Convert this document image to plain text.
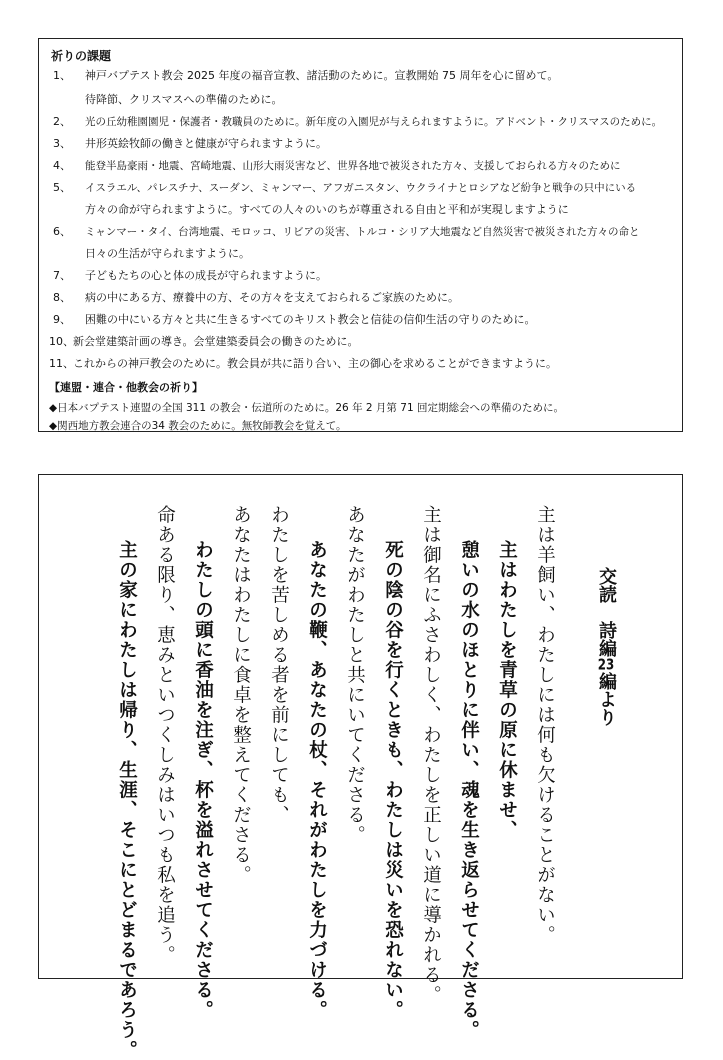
祈りの課題
1、 神戸バプテスト教会 2025 年度の福音宣教、諸活動のために。宣教開始 75 周年を心に留めて。
待降節、クリスマスへの準備のために。
2、 光の丘幼稚園園児・保護者・教職員のために。新年度の入園児が与えられますように。アドベント・クリスマスのために。
3、 井形英絵牧師の働きと健康が守られますように。
4、 能登半島豪雨・地震、宮崎地震、山形大雨災害など、世界各地で被災された方々、支援しておられる方々のために
5、 イスラエル、パレスチナ、スーダン、ミャンマー、アフガニスタン、ウクライナとロシアなど紛争と戦争の只中にいる
方々の命が守られますように。すべての人々のいのちが尊重される自由と平和が実現しますように
6、 ミャンマー・タイ、台湾地震、モロッコ、リビアの災害、トルコ・シリア大地震など自然災害で被災された方々の命と
日々の生活が守られますように。
7、 子どもたちの心と体の成長が守られますように。
8、 病の中にある方、療養中の方、その方々を支えておられるご家族のために。
9、 困難の中にいる方々と共に生きるすべてのキリスト教会と信徒の信仰生活の守りのために。
10、 新会堂建築計画の導き。会堂建築委員会の働きのために。
11、 これからの神戸教会のために。教会員が共に語り合い、主の御心を求めることができますように。
【連盟・連合・他教会の祈り】
◆日本バプテスト連盟の全国 311 の教会・伝道所のために。26 年 2 月第 71 回定期総会への準備のために。
◆関西地方教会連合の34 教会のために。無牧師教会を覚えて。
交読　詩編23編より
主は羊飼い、わたしには何も欠けることがない。
主はわたしを青草の原に休ませ、
憩いの水のほとりに伴い、魂を生き返らせてくださる。
主は御名にふさわしく、わたしを正しい道に導かれる。
死の陰の谷を行くときも、わたしは災いを恐れない。
あなたがわたしと共にいてくださる。
あなたの鞭、あなたの杖、それがわたしを力づける。
わたしを苦しめる者を前にしても、
あなたはわたしに食卓を整えてくださる。
わたしの頭に香油を注ぎ、杯を溢れさせてくださる。
命ある限り、恵みといつくしみはいつも私を追う。
主の家にわたしは帰り、生涯、そこにとどまるであろう。
